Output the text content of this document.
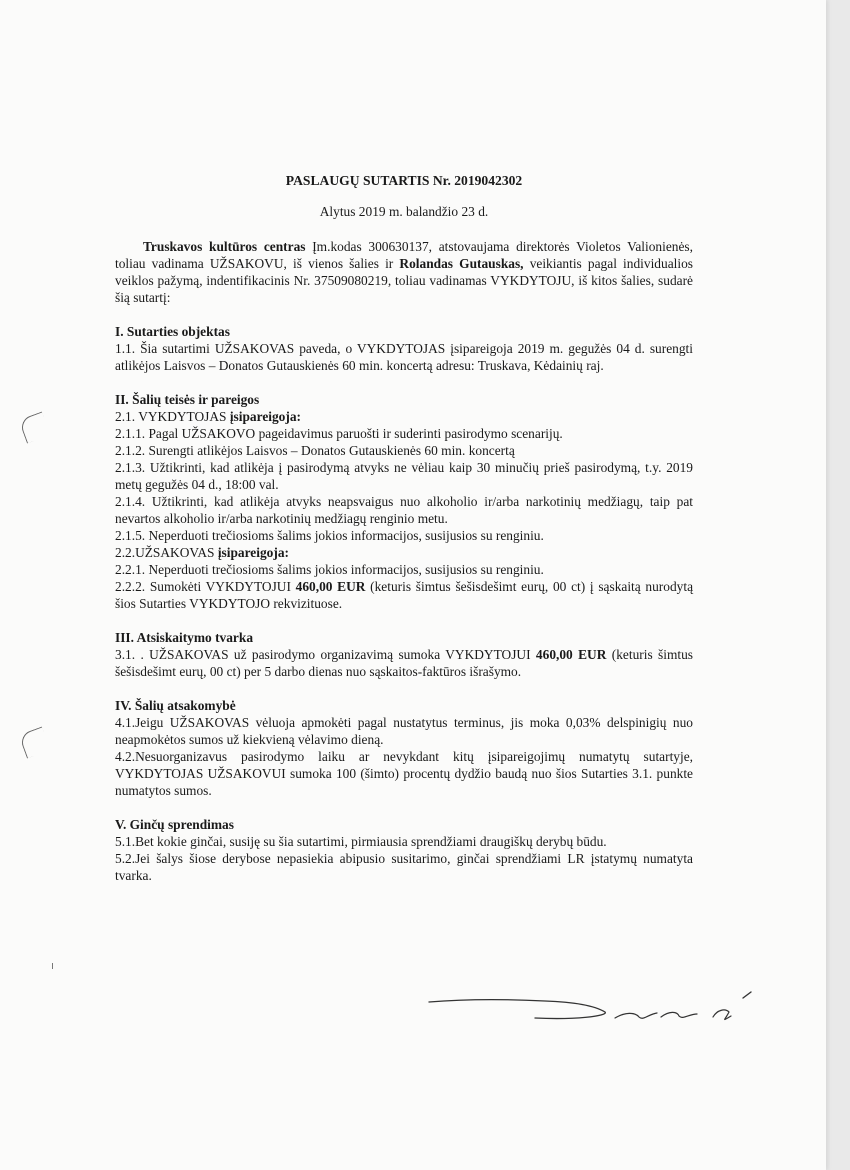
PASLAUGŲ SUTARTIS Nr. 2019042302

Alytus 2019 m. balandžio 23 d.

Truskavos kultūros centras Įm.kodas 300630137, atstovaujama direktorės Violetos Valionienės, toliau vadinama UŽSAKOVU, iš vienos šalies ir Rolandas Gutauskas, veikiantis pagal individualios veiklos pažymą, indentifikacinis Nr. 37509080219, toliau vadinamas VYKDYTOJU, iš kitos šalies, sudarė šią sutartį:

I. Sutarties objektas

1.1. Šia sutartimi UŽSAKOVAS paveda, o VYKDYTOJAS įsipareigoja 2019 m. gegužės 04 d. surengti atlikėjos Laisvos – Donatos Gutauskienės 60 min. koncertą adresu: Truskava, Kėdainių raj.

II. Šalių teisės ir pareigos

2.1. VYKDYTOJAS įsipareigoja:

2.1.1. Pagal UŽSAKOVO pageidavimus paruošti ir suderinti pasirodymo scenarijų.

2.1.2. Surengti atlikėjos Laisvos – Donatos Gutauskienės 60 min. koncertą

2.1.3. Užtikrinti, kad atlikėja į pasirodymą atvyks ne vėliau kaip 30 minučių prieš pasirodymą, t.y. 2019 metų gegužės 04 d., 18:00 val.

2.1.4. Užtikrinti, kad atlikėja atvyks neapsvaigus nuo alkoholio ir/arba narkotinių medžiagų, taip pat nevartos alkoholio ir/arba narkotinių medžiagų renginio metu.

2.1.5. Neperduoti trečiosioms šalims jokios informacijos, susijusios su renginiu.

2.2.UŽSAKOVAS įsipareigoja:

2.2.1. Neperduoti trečiosioms šalims jokios informacijos, susijusios su renginiu.

2.2.2. Sumokėti VYKDYTOJUI 460,00 EUR (keturis šimtus šešisdešimt eurų, 00 ct) į sąskaitą nurodytą šios Sutarties VYKDYTOJO rekvizituose.

III. Atsiskaitymo tvarka

3.1. . UŽSAKOVAS už pasirodymo organizavimą sumoka VYKDYTOJUI 460,00 EUR (keturis šimtus šešisdešimt eurų, 00 ct) per 5 darbo dienas nuo sąskaitos-faktūros išrašymo.

IV. Šalių atsakomybė

4.1.Jeigu UŽSAKOVAS vėluoja apmokėti pagal nustatytus terminus, jis moka 0,03% delspinigių nuo neapmokėtos sumos už kiekvieną vėlavimo dieną.

4.2.Nesuorganizavus pasirodymo laiku ar nevykdant kitų įsipareigojimų numatytų sutartyje, VYKDYTOJAS UŽSAKOVUI sumoka 100 (šimto) procentų dydžio baudą nuo šios Sutarties 3.1. punkte numatytos sumos.

V. Ginčų sprendimas

5.1.Bet kokie ginčai, susiję su šia sutartimi, pirmiausia sprendžiami draugiškų derybų būdu.

5.2.Jei šalys šiose derybose nepasiekia abipusio susitarimo, ginčai sprendžiami LR įstatymų numatyta tvarka.
